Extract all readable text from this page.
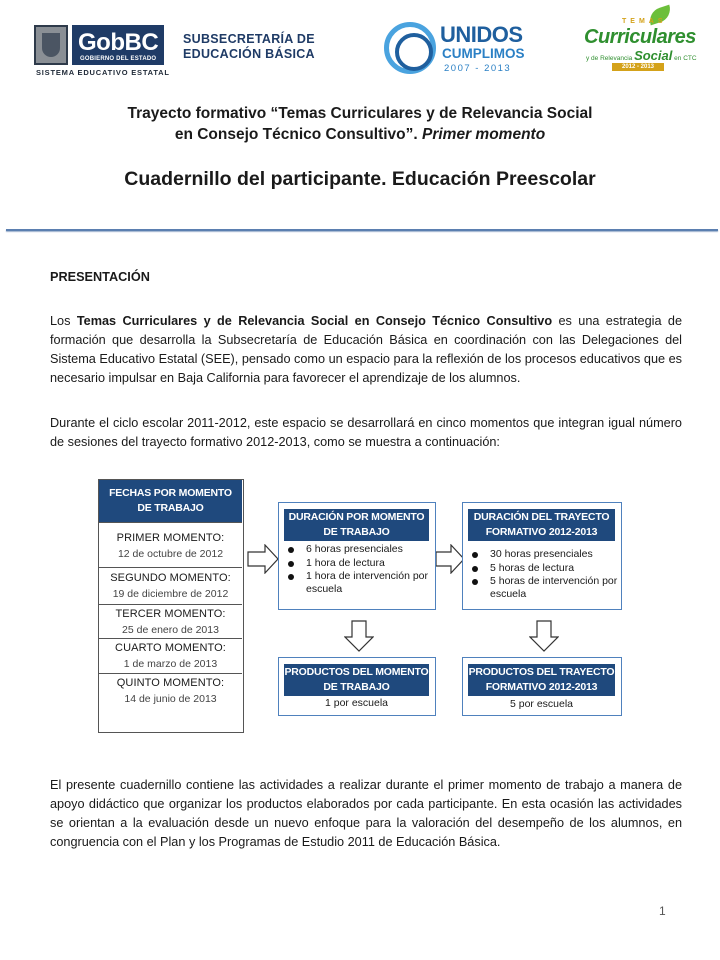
GobBC
GOBIERNO DEL ESTADO
SISTEMA EDUCATIVO ESTATAL
SUBSECRETARÍA DE
EDUCACIÓN BÁSICA
UNIDOS
CUMPLIMOS
2007 - 2013
TEMAS
Curriculares
y de Relevancia Social en CTC
2012 - 2013
Trayecto formativo “Temas Curriculares y de Relevancia Social
en Consejo Técnico Consultivo”. Primer momento
Cuadernillo del participante. Educación Preescolar
PRESENTACIÓN

Los Temas Curriculares y de Relevancia Social en Consejo Técnico Consultivo es una estrategia de formación que desarrolla la Subsecretaría de Educación Básica en coordinación con las Delegaciones del Sistema Educativo Estatal (SEE), pensado como un espacio para la reflexión de los procesos educativos que es necesario impulsar en Baja California para favorecer el aprendizaje de los alumnos.

Durante el ciclo escolar 2011-2012, este espacio se desarrollará en cinco momentos que integran igual número de sesiones del trayecto formativo 2012-2013, como se muestra a continuación:

FECHAS POR MOMENTO
DE TRABAJO
PRIMER MOMENTO:
12 de octubre de 2012
SEGUNDO MOMENTO:
19 de diciembre de 2012
TERCER MOMENTO:
25 de enero de 2013
CUARTO MOMENTO:
1 de marzo de 2013
QUINTO MOMENTO:
14 de junio de 2013
DURACIÓN POR MOMENTO
DE TRABAJO
6 horas presenciales
1 hora de lectura
1 hora de intervención por escuela
DURACIÓN DEL TRAYECTO
FORMATIVO 2012-2013
30 horas presenciales
5 horas de lectura
5 horas de intervención por escuela
PRODUCTOS DEL MOMENTO
DE TRABAJO
1 por escuela
PRODUCTOS DEL TRAYECTO
FORMATIVO 2012-2013
5 por escuela

El presente cuadernillo contiene las actividades a realizar durante el primer momento de trabajo a manera de apoyo didáctico que organizar los productos elaborados por cada participante. En esta ocasión las actividades se orientan a la evaluación desde un nuevo enfoque para la valoración del desempeño de los alumnos, en congruencia con el Plan y los Programas de Estudio 2011 de Educación Básica.

1
